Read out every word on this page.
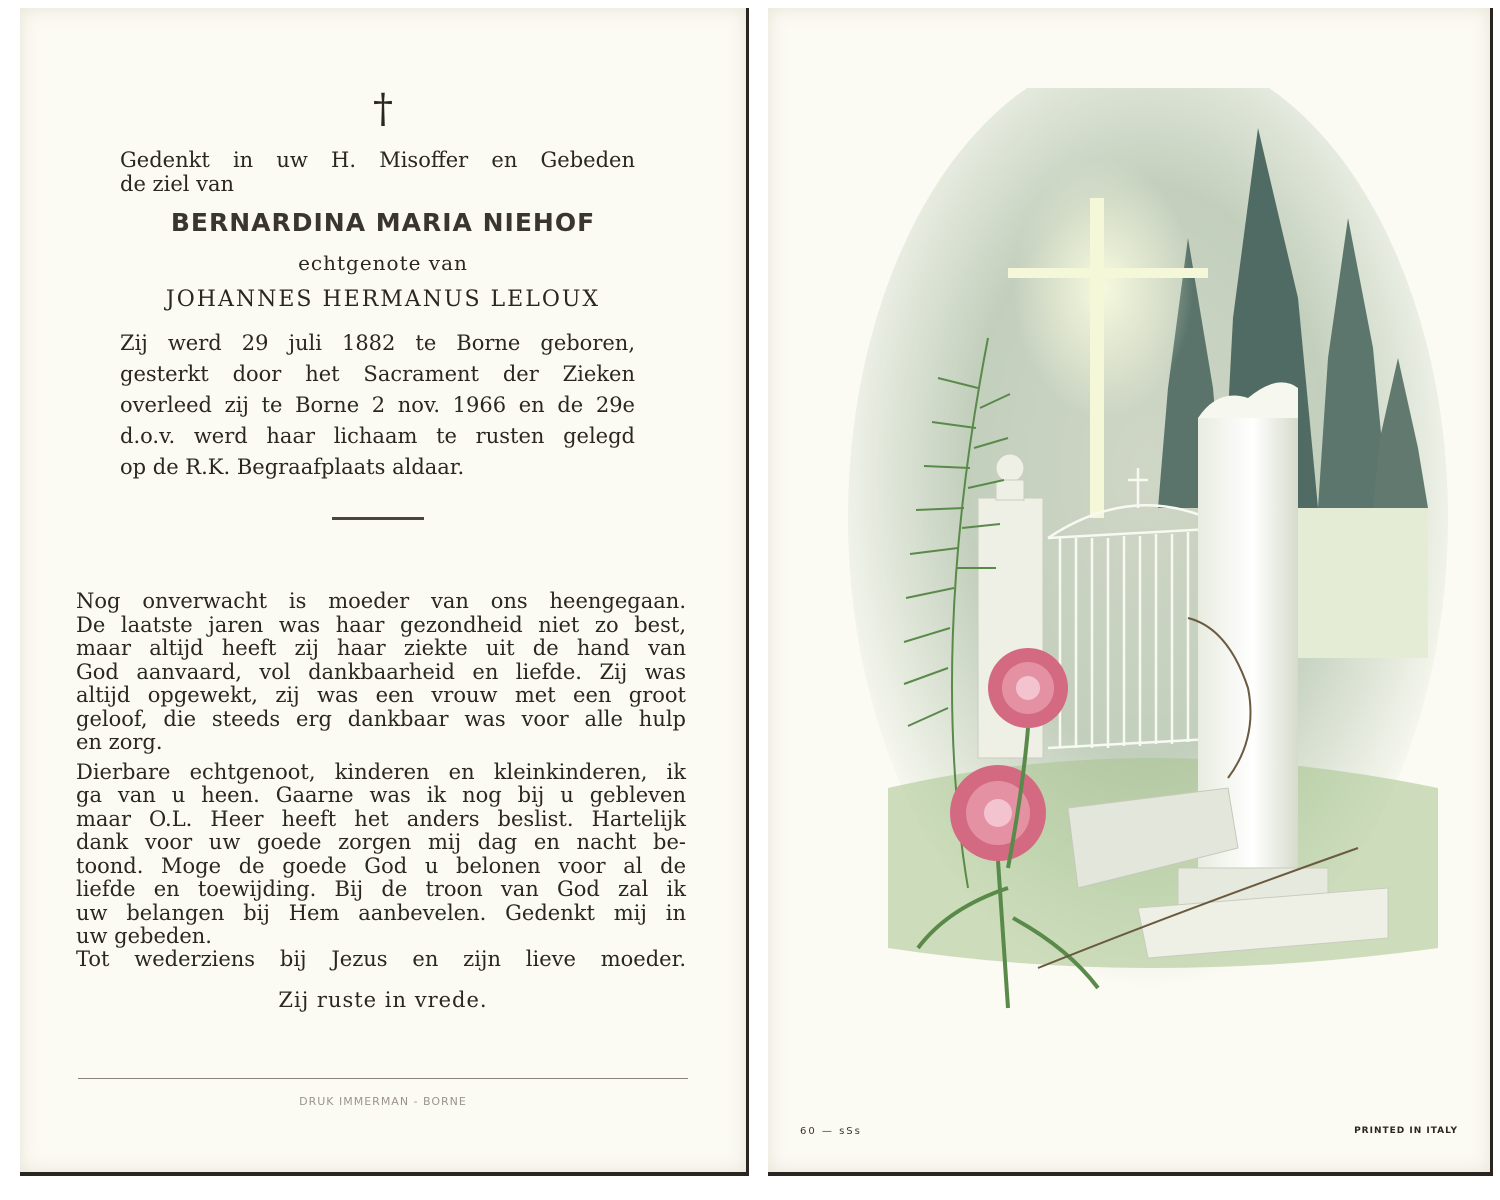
†
Gedenkt in uw H. Misoffer en Gebeden
de ziel van
BERNARDINA MARIA NIEHOF
echtgenote van
JOHANNES HERMANUS LELOUX
Zij werd 29 juli 1882 te Borne geboren,
gesterkt door het Sacrament der Zieken
overleed zij te Borne 2 nov. 1966 en de 29e
d.o.v. werd haar lichaam te rusten gelegd
op de R.K. Begraafplaats aldaar.

Nog onverwacht is moeder van ons heengegaan.
De laatste jaren was haar gezondheid niet zo best,
maar altijd heeft zij haar ziekte uit de hand van
God aanvaard, vol dankbaarheid en liefde. Zij was
altijd opgewekt, zij was een vrouw met een groot
geloof, die steeds erg dankbaar was voor alle hulp
en zorg.

Dierbare echtgenoot, kinderen en kleinkinderen, ik
ga van u heen. Gaarne was ik nog bij u gebleven
maar O.L. Heer heeft het anders beslist. Hartelijk
dank voor uw goede zorgen mij dag en nacht be-
toond. Moge de goede God u belonen voor al de
liefde en toewijding. Bij de troon van God zal ik
uw belangen bij Hem aanbevelen. Gedenkt mij in
uw gebeden.

Tot wederziens bij Jezus en zijn lieve moeder.
Zij ruste in vrede.
DRUK IMMERMAN - BORNE
60 — sSs	PRINTED IN ITALY
